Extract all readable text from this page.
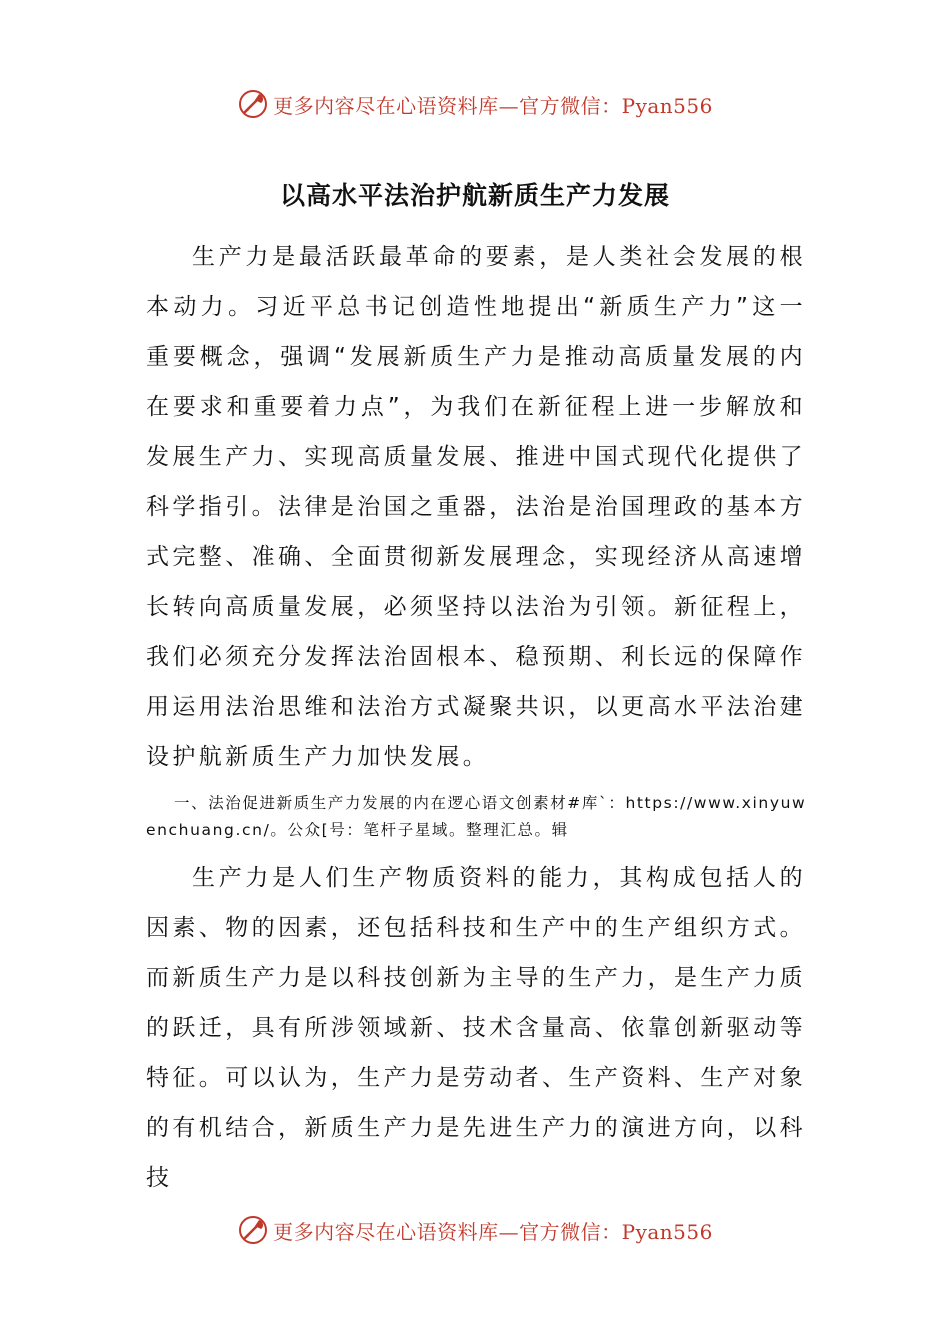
更多内容尽在心语资料库—官方微信：Pyan556
以高水平法治护航新质生产力发展

生产力是最活跃最革命的要素，是人类社会发展的根本动力。习近平总书记创造性地提出“新质生产力”这一重要概念，强调“发展新质生产力是推动高质量发展的内在要求和重要着力点”，为我们在新征程上进一步解放和发展生产力、实现高质量发展、推进中国式现代化提供了科学指引。法律是治国之重器，法治是治国理政的基本方式完整、准确、全面贯彻新发展理念，实现经济从高速增长转向高质量发展，必须坚持以法治为引领。新征程上，我们必须充分发挥法治固根本、稳预期、利长远的保障作用运用法治思维和法治方式凝聚共识，以更高水平法治建设护航新质生产力加快发展。

一、法治促进新质生产力发展的内在逻心语文创素材#库`：https://www.xinyuwenchuang.cn/。公众[号：笔杆子星域。整理汇总。辑

生产力是人们生产物质资料的能力，其构成包括人的因素、物的因素，还包括科技和生产中的生产组织方式。而新质生产力是以科技创新为主导的生产力，是生产力质的跃迁，具有所涉领域新、技术含量高、依靠创新驱动等特征。可以认为，生产力是劳动者、生产资料、生产对象的有机结合，新质生产力是先进生产力的演进方向，以科技

更多内容尽在心语资料库—官方微信：Pyan556
